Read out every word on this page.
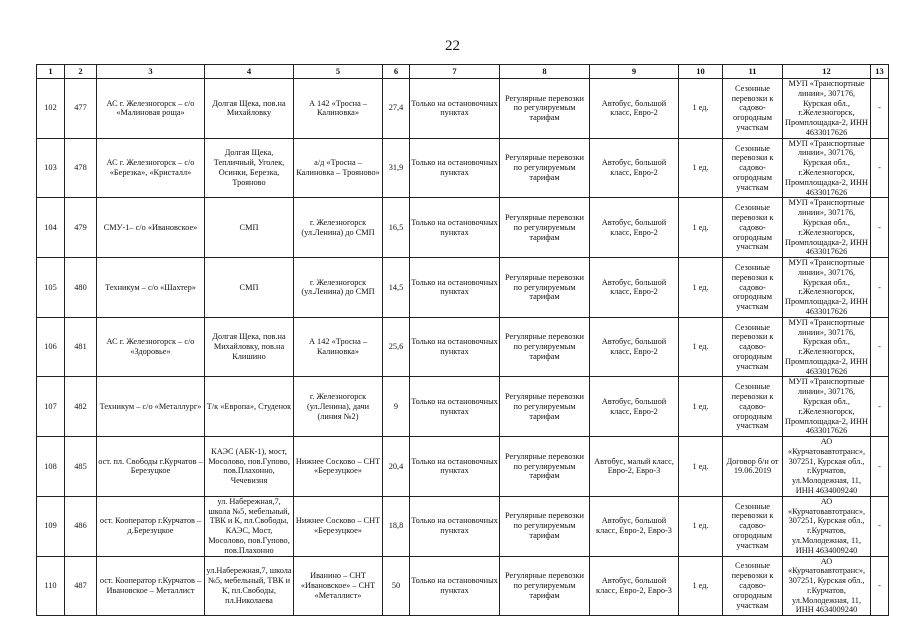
22
1	2	3	4	5	6	7	8	9	10	11	12	13
102	477	АС г. Железногорск – с/о «Малиновая роща»	Долгая Щека, пов.на Михайловку	А 142 «Тросна – Калиновка»	27,4	Только на остановочных пунктах	Регулярные перевозки по регулируемым тарифам	Автобус, большой класс, Евро-2	1 ед.	Сезонные перевозки к садово-огородным участкам	МУП «Транспортные линии», 307176, Курская обл., г.Железногорск, Промплощадка-2, ИНН 4633017626	-
103	478	АС г. Железногорск – с/о «Березка», «Кристалл»	Долгая Щека, Тепличный, Уголек, Осинки, Березка, Трояново	а/д «Тросна – Калиновка – Трояново»	31,9	Только на остановочных пунктах	Регулярные перевозки по регулируемым тарифам	Автобус, большой класс, Евро-2	1 ед.	Сезонные перевозки к садово-огородным участкам	МУП «Транспортные линии», 307176, Курская обл., г.Железногорск, Промплощадка-2, ИНН 4633017626	-
104	479	СМУ-1– с/о «Ивановское»	СМП	г. Железногорск (ул.Ленина) до СМП	16,5	Только на остановочных пунктах	Регулярные перевозки по регулируемым тарифам	Автобус, большой класс, Евро-2	1 ед.	Сезонные перевозки к садово-огородным участкам	МУП «Транспортные линии», 307176, Курская обл., г.Железногорск, Промплощадка-2, ИНН 4633017626	-
105	480	Техникум – с/о «Шахтер»	СМП	г. Железногорск (ул.Ленина) до СМП	14,5	Только на остановочных пунктах	Регулярные перевозки по регулируемым тарифам	Автобус, большой класс, Евро-2	1 ед.	Сезонные перевозки к садово-огородным участкам	МУП «Транспортные линии», 307176, Курская обл., г.Железногорск, Промплощадка-2, ИНН 4633017626	-
106	481	АС г. Железногорск – с/о «Здоровье»	Долгая Щека, пов.на Михайловку, пов.на Клишино	А 142 «Тросна – Калиновка»	25,6	Только на остановочных пунктах	Регулярные перевозки по регулируемым тарифам	Автобус, большой класс, Евро-2	1 ед.	Сезонные перевозки к садово-огородным участкам	МУП «Транспортные линии», 307176, Курская обл., г.Железногорск, Промплощадка-2, ИНН 4633017626	-
107	482	Техникум – с/о «Металлург»	Т/к «Европа», Студенок	г. Железногорск (ул.Ленина), дачи (линия №2)	9	Только на остановочных пунктах	Регулярные перевозки по регулируемым тарифам	Автобус, большой класс, Евро-2	1 ед.	Сезонные перевозки к садово-огородным участкам	МУП «Транспортные линии», 307176, Курская обл., г.Железногорск, Промплощадка-2, ИНН 4633017626	-
108	485	ост. пл. Свободы г.Курчатов – Березуцкое	КАЭС (АБК-1), мост, Мосолово, пов.Гупово, пов.Плахонно, Чечевизня	Нижнее Сосково – СНТ «Березуцкое»	20,4	Только на остановочных пунктах	Регулярные перевозки по регулируемым тарифам	Автобус, малый класс, Евро-2, Евро-3	1 ед.	Договор б/н от 19.06.2019	АО «Курчатовавтотранс», 307251, Курская обл., г.Курчатов, ул.Молодежная, 11, ИНН 4634009240	-
109	486	ост. Кооператор г.Курчатов – д.Березуцкое	ул. Набережная,7, школа №5, мебельный, ТВК и К, пл.Свободы, КАЭС, Мост, Мосолово, пов.Гупово, пов.Плахонно	Нижнее Сосково – СНТ «Березуцкое»	18,8	Только на остановочных пунктах	Регулярные перевозки по регулируемым тарифам	Автобус, большой класс, Евро-2, Евро-3	1 ед.	Сезонные перевозки к садово-огородным участкам	АО «Курчатовавтотранс», 307251, Курская обл., г.Курчатов, ул.Молодежная, 11, ИНН 4634009240	-
110	487	ост. Кооператор г.Курчатов – Ивановское – Металлист	ул.Набережная,7, школа №5, мебельный, ТВК и К, пл.Свободы, пл.Николаева	Иванино – СНТ «Ивановское» – СНТ «Металлист»	50	Только на остановочных пунктах	Регулярные перевозки по регулируемым тарифам	Автобус, большой класс, Евро-2, Евро-3	1 ед.	Сезонные перевозки к садово-огородным участкам	АО «Курчатовавтотранс», 307251, Курская обл., г.Курчатов, ул.Молодежная, 11, ИНН 4634009240	-
